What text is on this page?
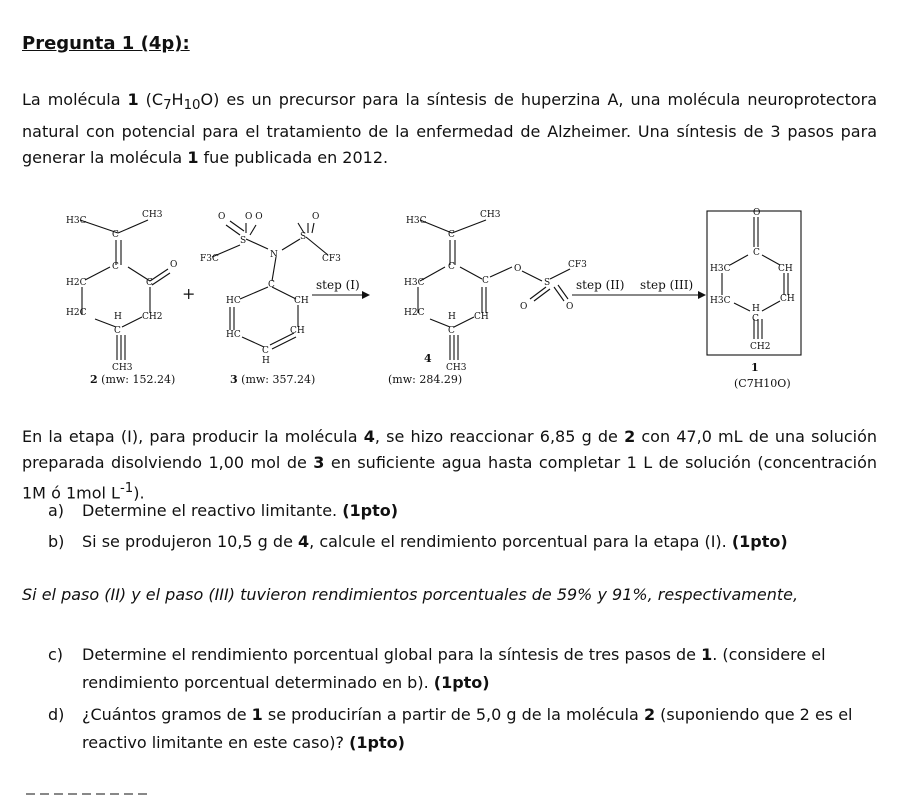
Pregunta 1 (4p):
La molécula 1 $(C_7H_{10}O)$ es un precursor para la síntesis de huperzina A, una molécula neuroprotectora natural con potencial para el tratamiento de la enfermedad de Alzheimer. Una síntesis de 3 pasos para generar la molécula 1 fue publicada en 2012.
H3C
CH3
C
C	O
C
H2C
H2C	CH2
H
C
CH3
2 (mw: 152.24)
+
F3C
O O O	O
S	S
N	CF3
C
HC	CH
HC	CH
C
H
3 (mw: 357.24)
step (I)
H3C
CH3
C
C
C
O
S
CF3
O	O
H3C
H2C	CH
H
C
CH3
4
(mw: 284.29)
step (II) step (III)
O
C
H3C	CH
H3C	CH
H
C
CH2
1
(C7H10O)
En la etapa (I), para producir la molécula 4, se hizo reaccionar 6,85 g de 2 con 47,0 mL de una solución preparada disolviendo 1,00 mol de 3 en suficiente agua hasta completar 1 L de solución (concentración 1M ó 1mol $L^{-1}$).
a) Determine el reactivo limitante. (1pto)
b) Si se produjeron 10,5 g de 4, calcule el rendimiento porcentual para la etapa (I). (1pto)
Si el paso (II) y el paso (III) tuvieron rendimientos porcentuales de 59% y 91%, respectivamente,
c) Determine el rendimiento porcentual global para la síntesis de tres pasos de 1. (considere el rendimiento porcentual determinado en b). (1pto)
d) ¿Cuántos gramos de 1 se producirían a partir de 5,0 g de la molécula 2 (suponiendo que 2 es el reactivo limitante en este caso)? (1pto)
